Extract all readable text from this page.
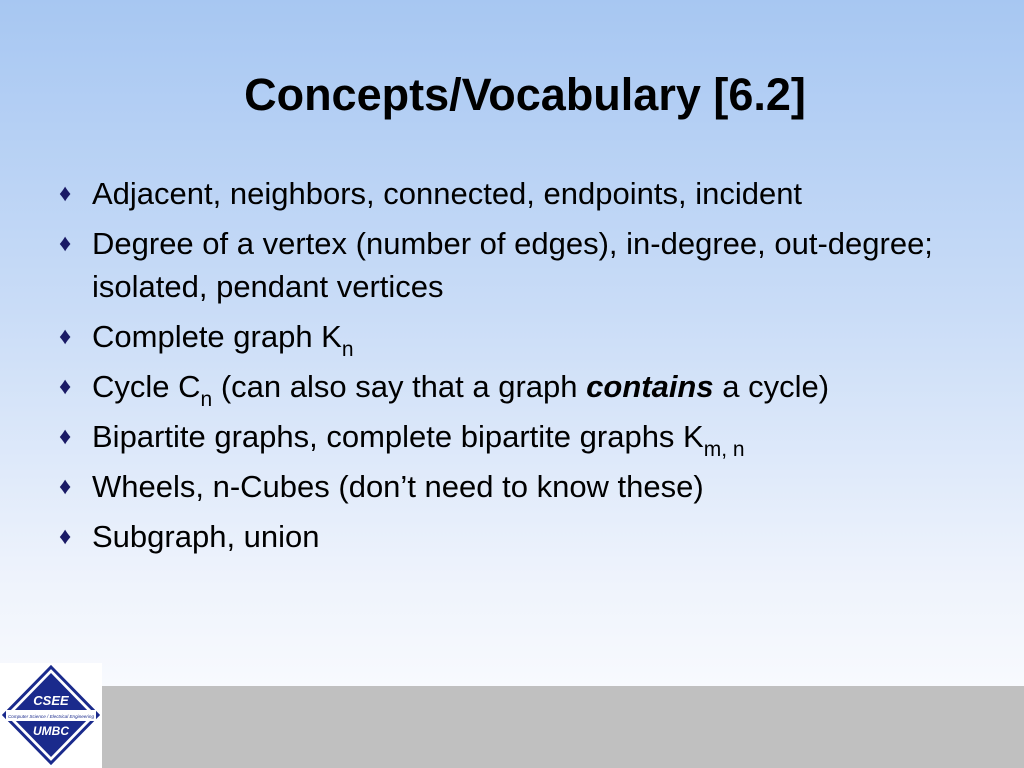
Concepts/Vocabulary [6.2]
♦ Adjacent, neighbors, connected, endpoints, incident
♦ Degree of a vertex (number of edges), in-degree, out-degree; isolated, pendant vertices
♦ Complete graph $K_n$
♦ Cycle $C_n$ (can also say that a graph contains a cycle)
♦ Bipartite graphs, complete bipartite graphs $K_{m, n}$
♦ Wheels, n-Cubes (don’t need to know these)
♦ Subgraph, union
CSEE
Computer Science / Electrical Engineering
UMBC
